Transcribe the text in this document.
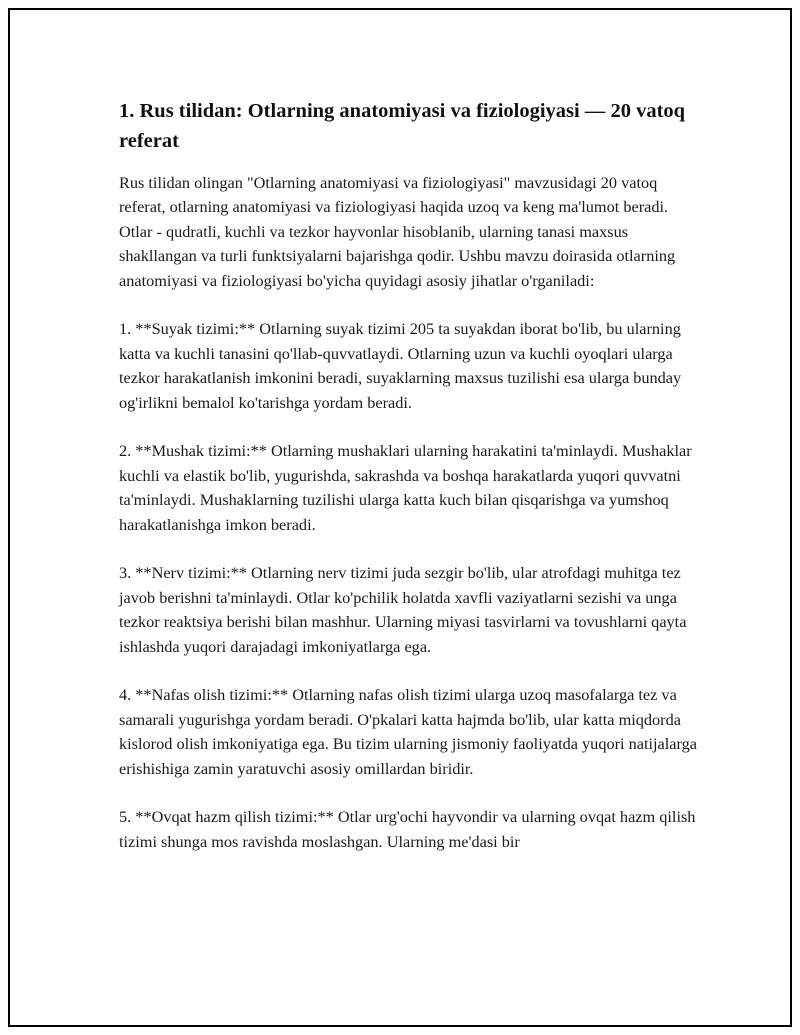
1. Rus tilidan: Otlarning anatomiyasi va fiziologiyasi — 20 vatoq referat

Rus tilidan olingan "Otlarning anatomiyasi va fiziologiyasi" mavzusidagi 20 vatoq referat, otlarning anatomiyasi va fiziologiyasi haqida uzoq va keng ma'lumot beradi. Otlar - qudratli, kuchli va tezkor hayvonlar hisoblanib, ularning tanasi maxsus shakllangan va turli funktsiyalarni bajarishga qodir. Ushbu mavzu doirasida otlarning anatomiyasi va fiziologiyasi bo'yicha quyidagi asosiy jihatlar o'rganiladi:

1. **Suyak tizimi:** Otlarning suyak tizimi 205 ta suyakdan iborat bo'lib, bu ularning katta va kuchli tanasini qo'llab-quvvatlaydi. Otlarning uzun va kuchli oyoqlari ularga tezkor harakatlanish imkonini beradi, suyaklarning maxsus tuzilishi esa ularga bunday og'irlikni bemalol ko'tarishga yordam beradi.

2. **Mushak tizimi:** Otlarning mushaklari ularning harakatini ta'minlaydi. Mushaklar kuchli va elastik bo'lib, yugurishda, sakrashda va boshqa harakatlarda yuqori quvvatni ta'minlaydi. Mushaklarning tuzilishi ularga katta kuch bilan qisqarishga va yumshoq harakatlanishga imkon beradi.

3. **Nerv tizimi:** Otlarning nerv tizimi juda sezgir bo'lib, ular atrofdagi muhitga tez javob berishni ta'minlaydi. Otlar ko'pchilik holatda xavfli vaziyatlarni sezishi va unga tezkor reaktsiya berishi bilan mashhur. Ularning miyasi tasvirlarni va tovushlarni qayta ishlashda yuqori darajadagi imkoniyatlarga ega.

4. **Nafas olish tizimi:** Otlarning nafas olish tizimi ularga uzoq masofalarga tez va samarali yugurishga yordam beradi. O'pkalari katta hajmda bo'lib, ular katta miqdorda kislorod olish imkoniyatiga ega. Bu tizim ularning jismoniy faoliyatda yuqori natijalarga erishishiga zamin yaratuvchi asosiy omillardan biridir.

5. **Ovqat hazm qilish tizimi:** Otlar urg'ochi hayvondir va ularning ovqat hazm qilish tizimi shunga mos ravishda moslashgan. Ularning me'dasi bir
